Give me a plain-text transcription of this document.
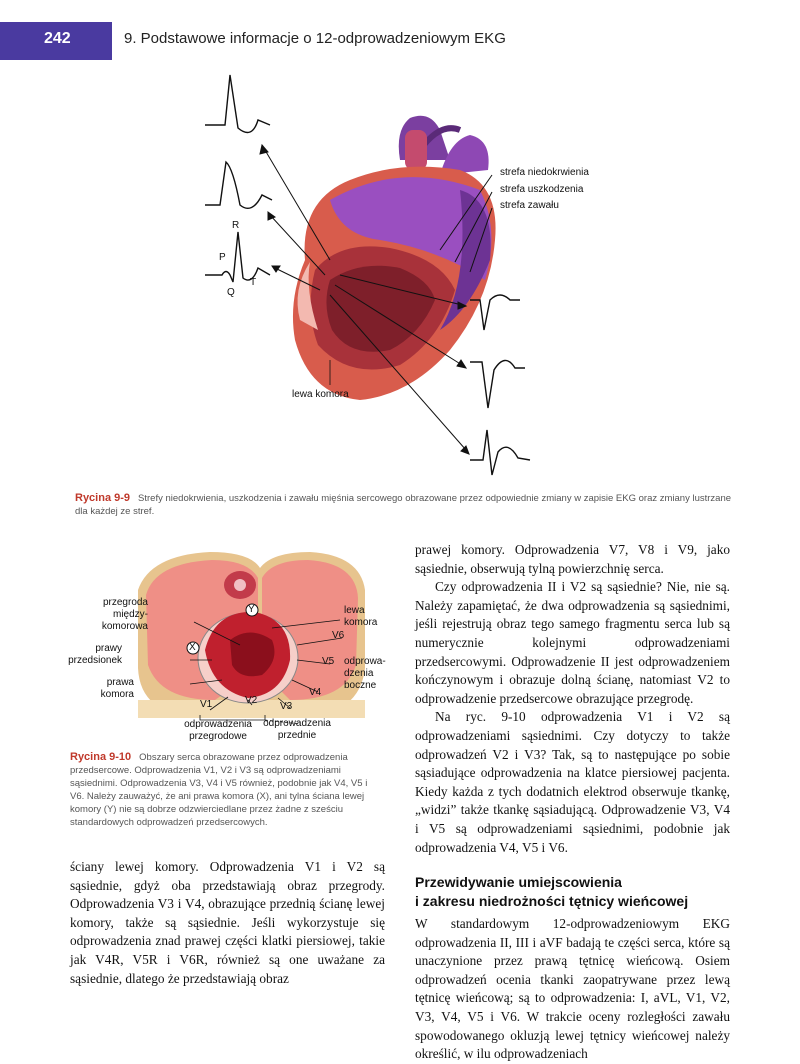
242	9. Podstawowe informacje o 12-odprowadzeniowym EKG
strefa niedokrwienia
strefa uszkodzenia
strefa zawału
R
P
T
Q
lewa komora
Rycina 9-9 Strefy niedokrwienia, uszkodzenia i zawału mięśnia sercowego obrazowane przez odpowiednie zmiany w zapisie EKG oraz zmiany lustrzane dla każdej ze stref.
przegroda
między-
komorowa
prawy
przedsionek
prawa
komora
lewa
komora
odprowa-
dzenia
boczne
X
Y
V1	V2
V3
V4
V5
V6
odprowadzenia
przegrodowe
odprowadzenia
przednie
Rycina 9-10 Obszary serca obrazowane przez odprowadzenia przedsercowe. Odprowadzenia V1, V2 i V3 są odprowadzeniami sąsiednimi. Odprowadzenia V3, V4 i V5 również, podobnie jak V4, V5 i V6. Należy zauważyć, że ani prawa komora (X), ani tylna ściana lewej komory (Y) nie są dobrze odzwierciedlane przez żadne z sześciu standardowych odprowadzeń przedsercowych.

ściany lewej komory. Odprowadzenia V1 i V2 są sąsiednie, gdyż oba przedstawiają obraz przegrody. Odprowadzenia V3 i V4, obrazujące przednią ścianę lewej komory, także są sąsiednie. Jeśli wykorzystuje się odprowadzenia znad prawej części klatki piersiowej, takie jak V4R, V5R i V6R, również są one uważane za sąsiednie, dlatego że przedstawiają obraz

prawej komory. Odprowadzenia V7, V8 i V9, jako sąsiednie, obserwują tylną powierzchnię serca.

Czy odprowadzenia II i V2 są sąsiednie? Nie, nie są. Należy zapamiętać, że dwa odprowadzenia są sąsiednimi, jeśli rejestrują obraz tego samego fragmentu serca lub są numerycznie kolejnymi odprowadzeniami przedsercowymi. Odprowadzenie II jest odprowadzeniem kończynowym i obrazuje dolną ścianę, natomiast V2 to odprowadzenie przedsercowe obrazujące przegrodę.

Na ryc. 9-10 odprowadzenia V1 i V2 są odprowadzeniami sąsiednimi. Czy dotyczy to także odprowadzeń V2 i V3? Tak, są to następujące po sobie sąsiadujące odprowadzenia na klatce piersiowej pacjenta. Kiedy każda z tych dodatnich elektrod obserwuje tkankę, „widzi” także tkankę sąsiadującą. Odprowadzenie V3, V4 i V5 są odprowadzeniami sąsiednimi, podobnie jak odprowadzenia V4, V5 i V6.

Przewidywanie umiejscowienia
i zakresu niedrożności tętnicy wieńcowej

W standardowym 12-odprowadzeniowym EKG odprowadzenia II, III i aVF badają te części serca, które są unaczynione przez prawą tętnicę wieńcową. Osiem odprowadzeń ocenia tkanki zaopatrywane przez lewą tętnicę wieńcową; są to odprowadzenia: I, aVL, V1, V2, V3, V4, V5 i V6. W trakcie oceny rozległości zawału spowodowanego okluzją lewej tętnicy wieńcowej należy określić, w ilu odprowadzeniach
